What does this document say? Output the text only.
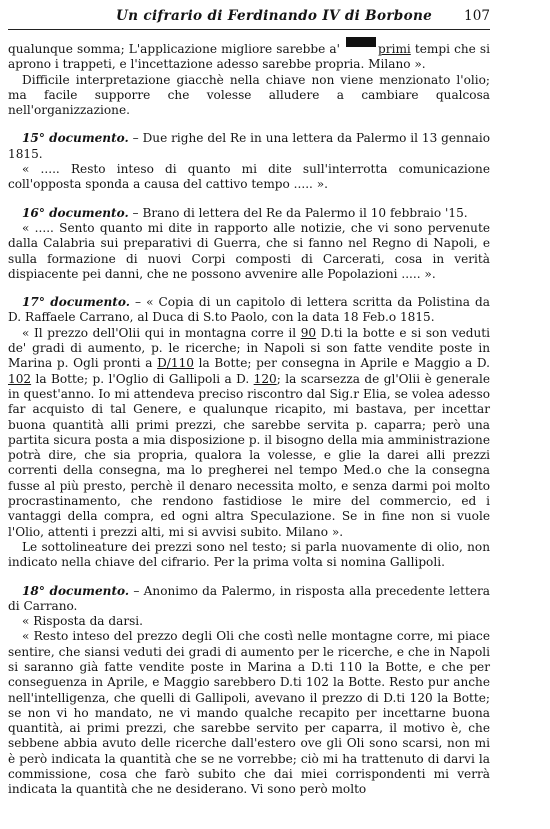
Un cifrario di Ferdinando IV di Borbone 107

qualunque somma; L'applicazione migliore sarebbe a'	primi tempi che si aprono i trappeti, e l'incettazione adesso sarebbe propria. Milano ».

Difficile interpretazione giacchè nella chiave non viene menzionato l'olio; ma facile supporre che volesse alludere a cambiare qualcosa nell'organizzazione.

15° documento. – Due righe del Re in una lettera da Palermo il 13 gennaio 1815.

« ..... Resto inteso di quanto mi dite sull'interrotta comunicazione coll'opposta sponda a causa del cattivo tempo ..... ».

16° documento. – Brano di lettera del Re da Palermo il 10 febbraio '15.

« ..... Sento quanto mi dite in rapporto alle notizie, che vi sono pervenute dalla Calabria sui preparativi di Guerra, che si fanno nel Regno di Napoli, e sulla formazione di nuovi Corpi composti di Carcerati, cosa in verità dispiacente pei danni, che ne possono avvenire alle Popolazioni ..... ».

17° documento. – « Copia di un capitolo di lettera scritta da Polistina da D. Raffaele Carrano, al Duca di S.to Paolo, con la data 18 Feb.o 1815.

« Il prezzo dell'Olii qui in montagna corre il 90 D.ti la botte e si son veduti de' gradi di aumento, p. le ricerche; in Napoli si son fatte vendite poste in Marina p. Ogli pronti a D/110 la Botte; per consegna in Aprile e Maggio a D. 102 la Botte; p. l'Oglio di Gallipoli a D. 120; la scarsezza de gl'Olii è generale in quest'anno. Io mi attendeva preciso riscontro dal Sig.r Elia, se volea adesso far acquisto di tal Genere, e qualunque ricapito, mi bastava, per incettar buona quantità alli primi prezzi, che sarebbe servita p. caparra; però una partita sicura posta a mia disposizione p. il bisogno della mia amministrazione potrà dire, che sia propria, qualora la volesse, e glie la darei alli prezzi correnti della consegna, ma lo pregherei nel tempo Med.o che la consegna fusse al più presto, perchè il denaro necessita molto, e senza darmi poi molto procrastinamento, che rendono fastidiose le mire del commercio, ed i vantaggi della compra, ed ogni altra Speculazione. Se in fine non si vuole l'Olio, attenti i prezzi alti, mi si avvisi subito. Milano ».

Le sottolineature dei prezzi sono nel testo; si parla nuovamente di olio, non indicato nella chiave del cifrario. Per la prima volta si nomina Gallipoli.

18° documento. – Anonimo da Palermo, in risposta alla precedente lettera di Carrano.

« Risposta da darsi.

« Resto inteso del prezzo degli Oli che costì nelle montagne corre, mi piace sentire, che siansi veduti dei gradi di aumento per le ricerche, e che in Napoli si saranno già fatte vendite poste in Marina a D.ti 110 la Botte, e che per conseguenza in Aprile, e Maggio sarebbero D.ti 102 la Botte. Resto pur anche nell'intelligenza, che quelli di Gallipoli, avevano il prezzo di D.ti 120 la Botte; se non vi ho mandato, ne vi mando qualche recapito per incettarne buona quantità, ai primi prezzi, che sarebbe servito per caparra, il motivo è, che sebbene abbia avuto delle ricerche dall'estero ove gli Oli sono scarsi, non mi è però indicata la quantità che se ne vorrebbe; ciò mi ha trattenuto di darvi la commissione, cosa che farò subito che dai miei corrispondenti mi verrà indicata la quantità che ne desiderano. Vi sono però molto
